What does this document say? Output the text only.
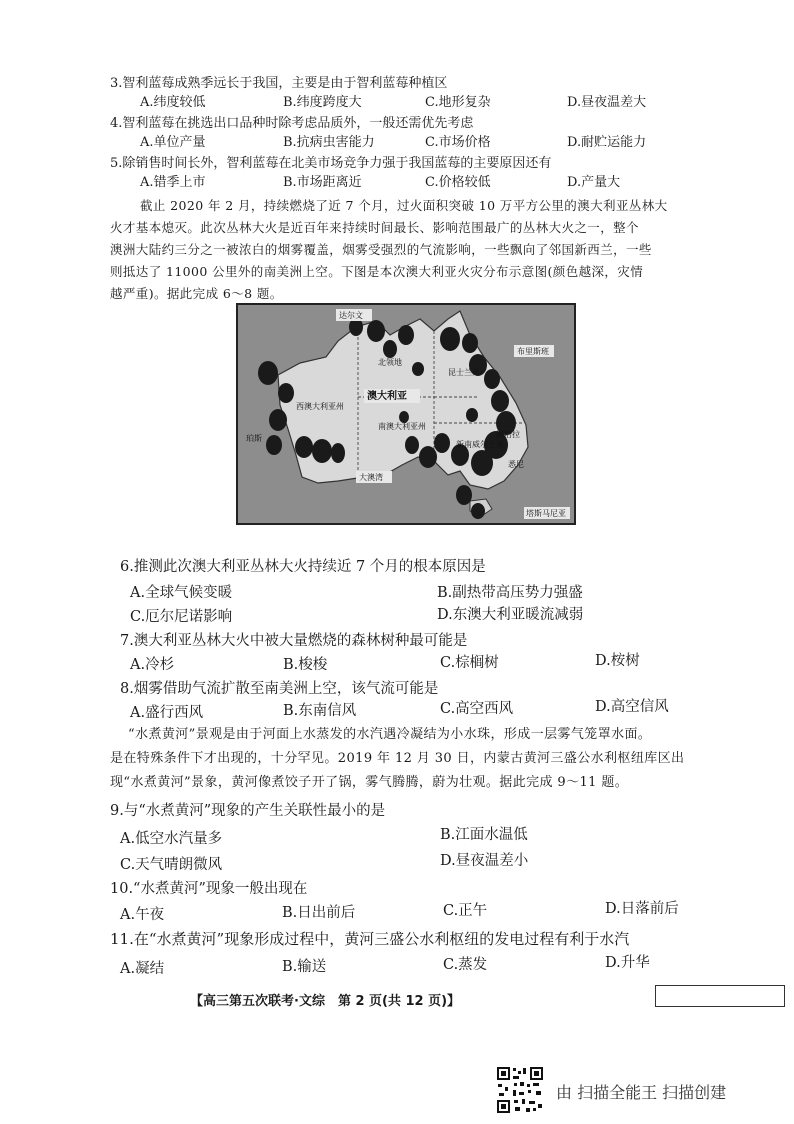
3.智利蓝莓成熟季远长于我国，主要是由于智利蓝莓种植区
A.纬度较低	B.纬度跨度大	C.地形复杂	D.昼夜温差大
4.智利蓝莓在挑选出口品种时除考虑品质外，一般还需优先考虑
A.单位产量	B.抗病虫害能力	C.市场价格	D.耐贮运能力
5.除销售时间长外，智利蓝莓在北美市场竞争力强于我国蓝莓的主要原因还有
A.错季上市	B.市场距离近	C.价格较低	D.产量大
截止 2020 年 2 月，持续燃烧了近 7 个月，过火面积突破 10 万平方公里的澳大利亚丛林大
火才基本熄灭。此次丛林大火是近百年来持续时间最长、影响范围最广的丛林大火之一，整个
澳洲大陆约三分之一被浓白的烟雾覆盖，烟雾受强烈的气流影响，一些飘向了邻国新西兰，一些
则抵达了 11000 公里外的南美洲上空。下图是本次澳大利亚火灾分布示意图(颜色越深，灾情
越严重)。据此完成 6～8 题。
达尔文
北领地
昆士兰州
西澳大利亚州
澳大利亚
南澳大利亚州
新南威尔士州
珀斯
布里斯班
悉尼
大澳湾
堪培拉
塔斯马尼亚
6.推测此次澳大利亚丛林大火持续近 7 个月的根本原因是
A.全球气候变暖	B.副热带高压势力强盛
C.厄尔尼诺影响	D.东澳大利亚暖流减弱
7.澳大利亚丛林大火中被大量燃烧的森林树种最可能是
A.冷杉	B.梭梭	C.棕榈树	D.桉树
8.烟雾借助气流扩散至南美洲上空，该气流可能是
A.盛行西风	B.东南信风	C.高空西风	D.高空信风
“水煮黄河”景观是由于河面上水蒸发的水汽遇冷凝结为小水珠，形成一层雾气笼罩水面。
是在特殊条件下才出现的，十分罕见。2019 年 12 月 30 日，内蒙古黄河三盛公水利枢纽库区出
现“水煮黄河”景象，黄河像煮饺子开了锅，雾气腾腾，蔚为壮观。据此完成 9～11 题。
9.与“水煮黄河”现象的产生关联性最小的是
A.低空水汽量多	B.江面水温低
C.天气晴朗微风	D.昼夜温差小
10.“水煮黄河”现象一般出现在
A.午夜	B.日出前后	C.正午	D.日落前后
11.在“水煮黄河”现象形成过程中，黄河三盛公水利枢纽的发电过程有利于水汽
A.凝结	B.输送	C.蒸发	D.升华
【高三第五次联考·文综　第 2 页(共 12 页)】
由 扫描全能王 扫描创建
